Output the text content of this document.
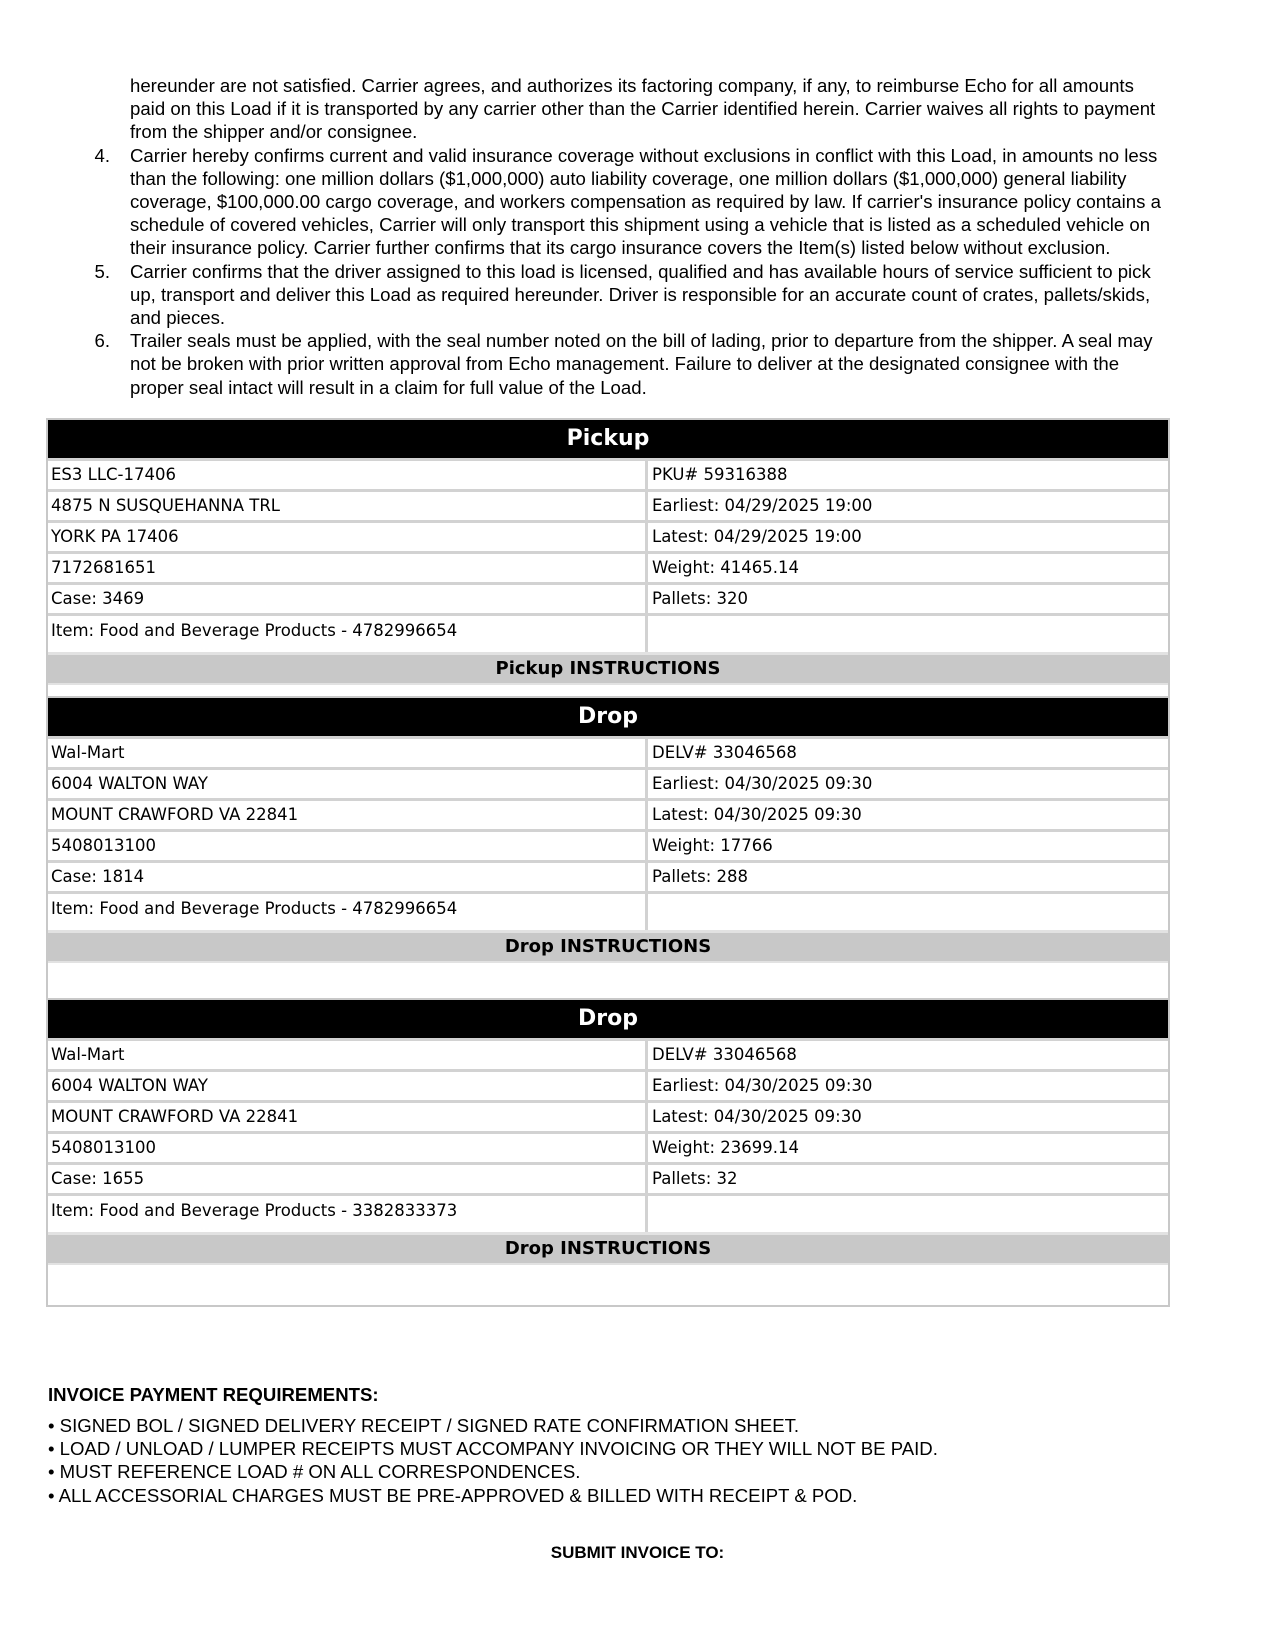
hereunder are not satisfied. Carrier agrees, and authorizes its factoring company, if any, to reimburse Echo for all amounts paid on this Load if it is transported by any carrier other than the Carrier identified herein. Carrier waives all rights to payment from the shipper and/or consignee.
4. Carrier hereby confirms current and valid insurance coverage without exclusions in conflict with this Load, in amounts no less than the following: one million dollars ($1,000,000) auto liability coverage, one million dollars ($1,000,000) general liability coverage, $100,000.00 cargo coverage, and workers compensation as required by law. If carrier's insurance policy contains a schedule of covered vehicles, Carrier will only transport this shipment using a vehicle that is listed as a scheduled vehicle on their insurance policy. Carrier further confirms that its cargo insurance covers the Item(s) listed below without exclusion.
5. Carrier confirms that the driver assigned to this load is licensed, qualified and has available hours of service sufficient to pick up, transport and deliver this Load as required hereunder. Driver is responsible for an accurate count of crates, pallets/skids, and pieces.
6. Trailer seals must be applied, with the seal number noted on the bill of lading, prior to departure from the shipper. A seal may not be broken with prior written approval from Echo management. Failure to deliver at the designated consignee with the proper seal intact will result in a claim for full value of the Load.
Pickup
ES3 LLC-17406	PKU# 59316388
4875 N SUSQUEHANNA TRL	Earliest: 04/29/2025 19:00
YORK PA 17406	Latest: 04/29/2025 19:00
7172681651	Weight: 41465.14
Case: 3469	Pallets: 320
Item: Food and Beverage Products - 4782996654
Pickup INSTRUCTIONS
Drop
Wal-Mart	DELV# 33046568
6004 WALTON WAY	Earliest: 04/30/2025 09:30
MOUNT CRAWFORD VA 22841	Latest: 04/30/2025 09:30
5408013100	Weight: 17766
Case: 1814	Pallets: 288
Item: Food and Beverage Products - 4782996654
Drop INSTRUCTIONS
Drop
Wal-Mart	DELV# 33046568
6004 WALTON WAY	Earliest: 04/30/2025 09:30
MOUNT CRAWFORD VA 22841	Latest: 04/30/2025 09:30
5408013100	Weight: 23699.14
Case: 1655	Pallets: 32
Item: Food and Beverage Products - 3382833373
Drop INSTRUCTIONS
INVOICE PAYMENT REQUIREMENTS:
• SIGNED BOL / SIGNED DELIVERY RECEIPT / SIGNED RATE CONFIRMATION SHEET.
• LOAD / UNLOAD / LUMPER RECEIPTS MUST ACCOMPANY INVOICING OR THEY WILL NOT BE PAID.
• MUST REFERENCE LOAD # ON ALL CORRESPONDENCES.
• ALL ACCESSORIAL CHARGES MUST BE PRE-APPROVED & BILLED WITH RECEIPT & POD.
SUBMIT INVOICE TO:
